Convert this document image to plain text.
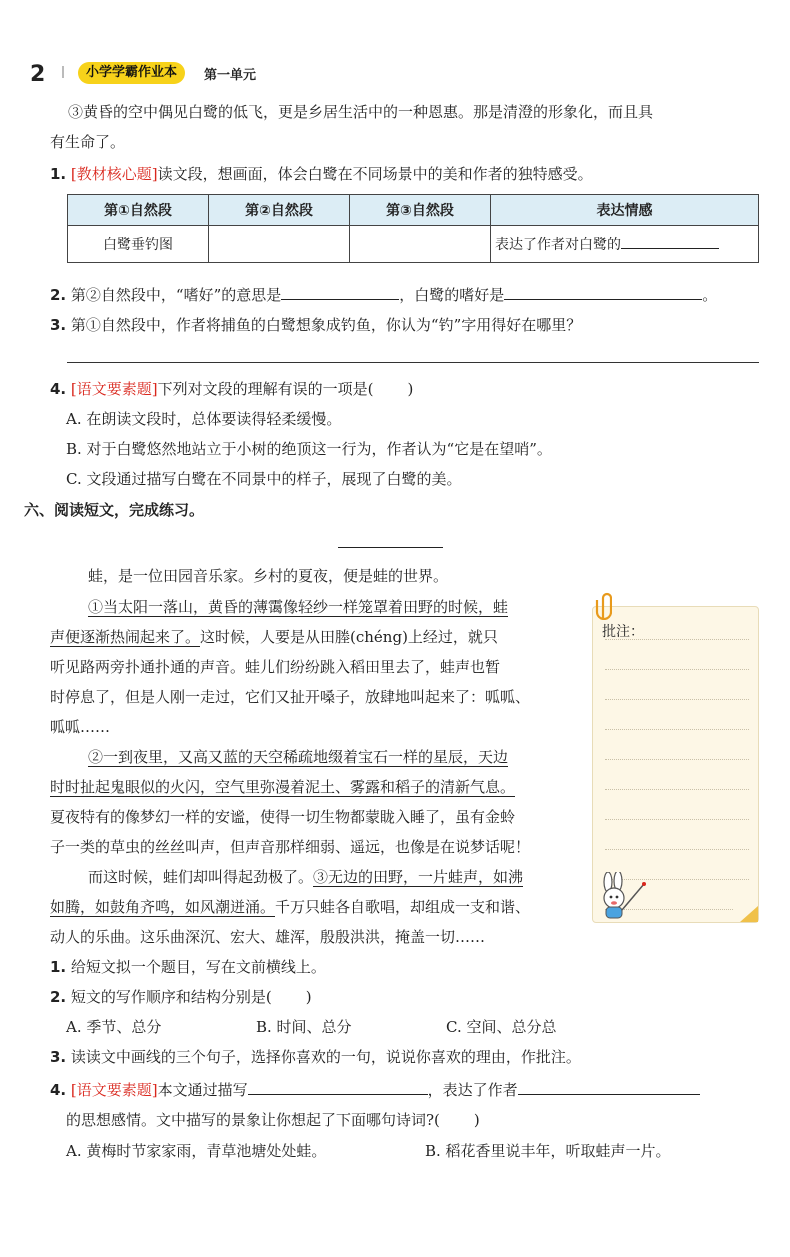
2	小学学霸作业本	第一单元
③黄昏的空中偶见白鹭的低飞，更是乡居生活中的一种恩惠。那是清澄的形象化，而且具
有生命了。
1. [教材核心题]读文段，想画面，体会白鹭在不同场景中的美和作者的独特感受。
第①自然段	第②自然段	第③自然段	表达情感
白鹭垂钓图			表达了作者对白鹭的
2. 第②自然段中，“嗜好”的意思是	，白鹭的嗜好是	。
3. 第①自然段中，作者将捕鱼的白鹭想象成钓鱼，你认为“钓”字用得好在哪里？
4. [语文要素题]下列对文段的理解有误的一项是( )
A. 在朗读文段时，总体要读得轻柔缓慢。
B. 对于白鹭悠然地站立于小树的绝顶这一行为，作者认为“它是在望哨”。
C. 文段通过描写白鹭在不同景中的样子，展现了白鹭的美。
六、阅读短文，完成练习。
蛙，是一位田园音乐家。乡村的夏夜，便是蛙的世界。
①当太阳一落山，黄昏的薄霭像轻纱一样笼罩着田野的时候，蛙
声便逐渐热闹起来了。这时候，人要是从田塍(chéng)上经过，就只
听见路两旁扑通扑通的声音。蛙儿们纷纷跳入稻田里去了，蛙声也暂
时停息了，但是人刚一走过，它们又扯开嗓子，放肆地叫起来了：呱呱、
呱呱……
②一到夜里，又高又蓝的天空稀疏地缀着宝石一样的星辰，天边
时时扯起鬼眼似的火闪，空气里弥漫着泥土、雾露和稻子的清新气息。
夏夜特有的像梦幻一样的安谧，使得一切生物都蒙眬入睡了，虽有金蛉
子一类的草虫的丝丝叫声，但声音那样细弱、遥远，也像是在说梦话呢！
而这时候，蛙们却叫得起劲极了。③无边的田野，一片蛙声，如沸
如腾，如鼓角齐鸣，如风潮迸涌。千万只蛙各自歌唱，却组成一支和谐、
动人的乐曲。这乐曲深沉、宏大、雄浑，殷殷洪洪，掩盖一切……
批注：
1. 给短文拟一个题目，写在文前横线上。
2. 短文的写作顺序和结构分别是( )
A. 季节、总分	B. 时间、总分	C. 空间、总分总
3. 读读文中画线的三个句子，选择你喜欢的一句，说说你喜欢的理由，作批注。
4. [语文要素题]本文通过描写	，表达了作者
的思想感情。文中描写的景象让你想起了下面哪句诗词?( )
A. 黄梅时节家家雨，青草池塘处处蛙。	B. 稻花香里说丰年，听取蛙声一片。
